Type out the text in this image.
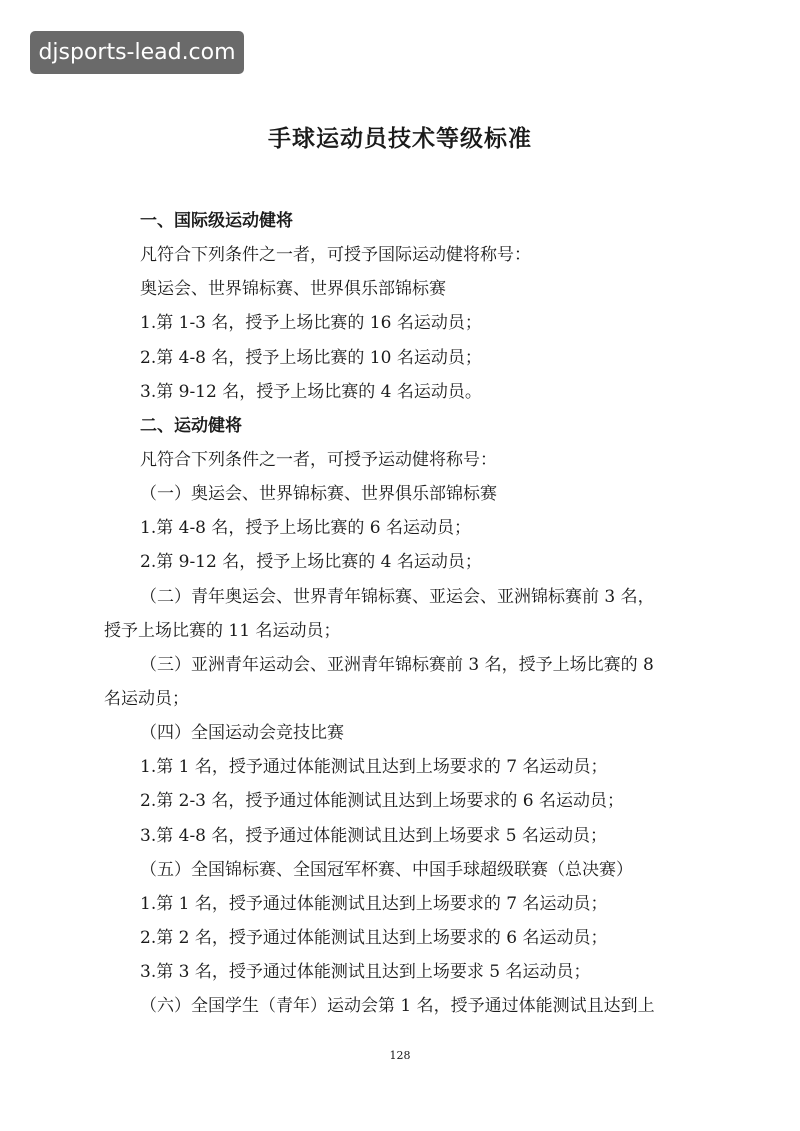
djsports-lead.com
手球运动员技术等级标准
一、国际级运动健将
凡符合下列条件之一者，可授予国际运动健将称号：
奥运会、世界锦标赛、世界俱乐部锦标赛
1.第 1-3 名，授予上场比赛的 16 名运动员；
2.第 4-8 名，授予上场比赛的 10 名运动员；
3.第 9-12 名，授予上场比赛的 4 名运动员。
二、运动健将
凡符合下列条件之一者，可授予运动健将称号：
（一）奥运会、世界锦标赛、世界俱乐部锦标赛
1.第 4-8 名，授予上场比赛的 6 名运动员；
2.第 9-12 名，授予上场比赛的 4 名运动员；
（二）青年奥运会、世界青年锦标赛、亚运会、亚洲锦标赛前 3 名，
授予上场比赛的 11 名运动员；
（三）亚洲青年运动会、亚洲青年锦标赛前 3 名，授予上场比赛的 8
名运动员；
（四）全国运动会竞技比赛
1.第 1 名，授予通过体能测试且达到上场要求的 7 名运动员；
2.第 2-3 名，授予通过体能测试且达到上场要求的 6 名运动员；
3.第 4-8 名，授予通过体能测试且达到上场要求 5 名运动员；
（五）全国锦标赛、全国冠军杯赛、中国手球超级联赛（总决赛）
1.第 1 名，授予通过体能测试且达到上场要求的 7 名运动员；
2.第 2 名，授予通过体能测试且达到上场要求的 6 名运动员；
3.第 3 名，授予通过体能测试且达到上场要求 5 名运动员；
（六）全国学生（青年）运动会第 1 名，授予通过体能测试且达到上
128
